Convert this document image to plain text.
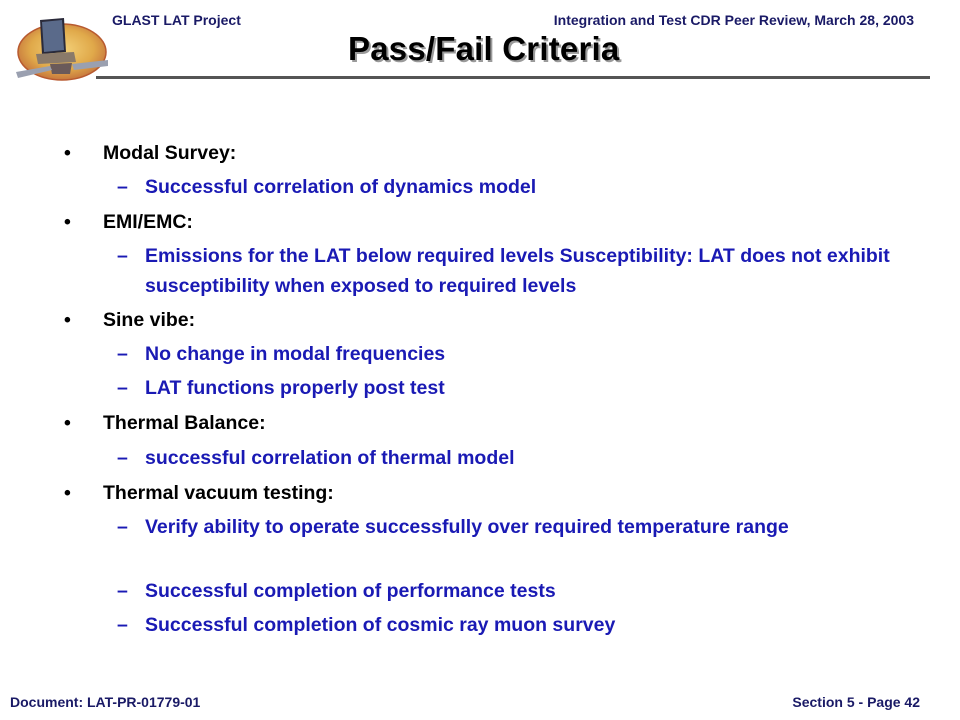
GLAST LAT Project	Integration and Test CDR Peer Review, March 28, 2003
Pass/Fail Criteria
• Modal Survey:
– Successful correlation of dynamics model
• EMI/EMC:
– Emissions for the LAT below required levels Susceptibility: LAT does not exhibit susceptibility when exposed to required levels
• Sine vibe:
– No change in modal frequencies
– LAT functions properly post test
• Thermal Balance:
– successful correlation of thermal model
• Thermal vacuum testing:
– Verify ability to operate successfully over required temperature range
– Successful completion of performance tests
– Successful completion of cosmic ray muon survey
Document: LAT-PR-01779-01	Section 5 - Page 42
